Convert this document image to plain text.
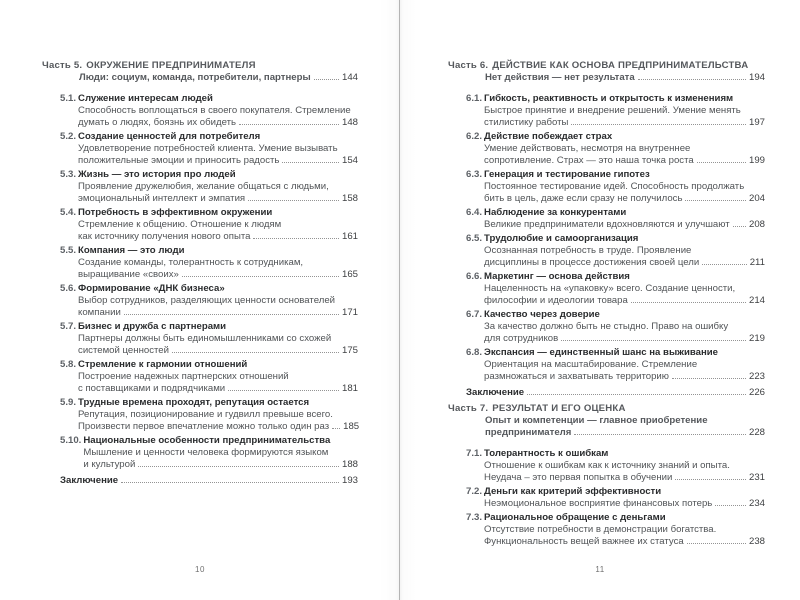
Часть 5. ОКРУЖЕНИЕ ПРЕДПРИНИМАТЕЛЯ
Люди: социум, команда, потребители, партнеры	144
5.1. Служение интересам людей
Способность воплощаться в своего покупателя. Стремление
думать о людях, боязнь их обидеть	148
5.2. Создание ценностей для потребителя
Удовлетворение потребностей клиента. Умение вызывать
положительные эмоции и приносить радость	154
5.3. Жизнь — это история про людей
Проявление дружелюбия, желание общаться с людьми,
эмоциональный интеллект и эмпатия	158
5.4. Потребность в эффективном окружении
Стремление к общению. Отношение к людям
как источнику получения нового опыта	161
5.5. Компания — это люди
Создание команды, толерантность к сотрудникам,
выращивание «своих»	165
5.6. Формирование «ДНК бизнеса»
Выбор сотрудников, разделяющих ценности основателей
компании	171
5.7. Бизнес и дружба с партнерами
Партнеры должны быть единомышленниками со схожей
системой ценностей	175
5.8. Стремление к гармонии отношений
Построение надежных партнерских отношений
с поставщиками и подрядчиками	181
5.9. Трудные времена проходят, репутация остается
Репутация, позиционирование и гудвилл превыше всего.
Произвести первое впечатление можно только один раз 185
5.10. Национальные особенности предпринимательства
Мышление и ценности человека формируются языком
и культурой	188
Заключение	193
10
Часть 6. ДЕЙСТВИЕ КАК ОСНОВА ПРЕДПРИНИМАТЕЛЬСТВА
Нет действия — нет результата	194
6.1. Гибкость, реактивность и открытость к изменениям
Быстрое принятие и внедрение решений. Умение менять
стилистику работы	197
6.2. Действие побеждает страх
Умение действовать, несмотря на внутреннее
сопротивление. Страх — это наша точка роста	199
6.3. Генерация и тестирование гипотез
Постоянное тестирование идей. Способность продолжать
бить в цель, даже если сразу не получилось	204
6.4. Наблюдение за конкурентами
Великие предприниматели вдохновляются и улучшают 208
6.5. Трудолюбие и самоорганизация
Осознанная потребность в труде. Проявление
дисциплины в процессе достижения своей цели	211
6.6. Маркетинг — основа действия
Нацеленность на «упаковку» всего. Создание ценности,
философии и идеологии товара	214
6.7. Качество через доверие
За качество должно быть не стыдно. Право на ошибку
для сотрудников	219
6.8. Экспансия — единственный шанс на выживание
Ориентация на масштабирование. Стремление
размножаться и захватывать территорию	223
Заключение	226
Часть 7. РЕЗУЛЬТАТ И ЕГО ОЦЕНКА
Опыт и компетенции — главное приобретение
предпринимателя	228
7.1. Толерантность к ошибкам
Отношение к ошибкам как к источнику знаний и опыта.
Неудача – это первая попытка в обучении	231
7.2. Деньги как критерий эффективности
Неэмоциональное восприятие финансовых потерь	234
7.3. Рациональное обращение с деньгами
Отсутствие потребности в демонстрации богатства.
Функциональность вещей важнее их статуса	238
11
